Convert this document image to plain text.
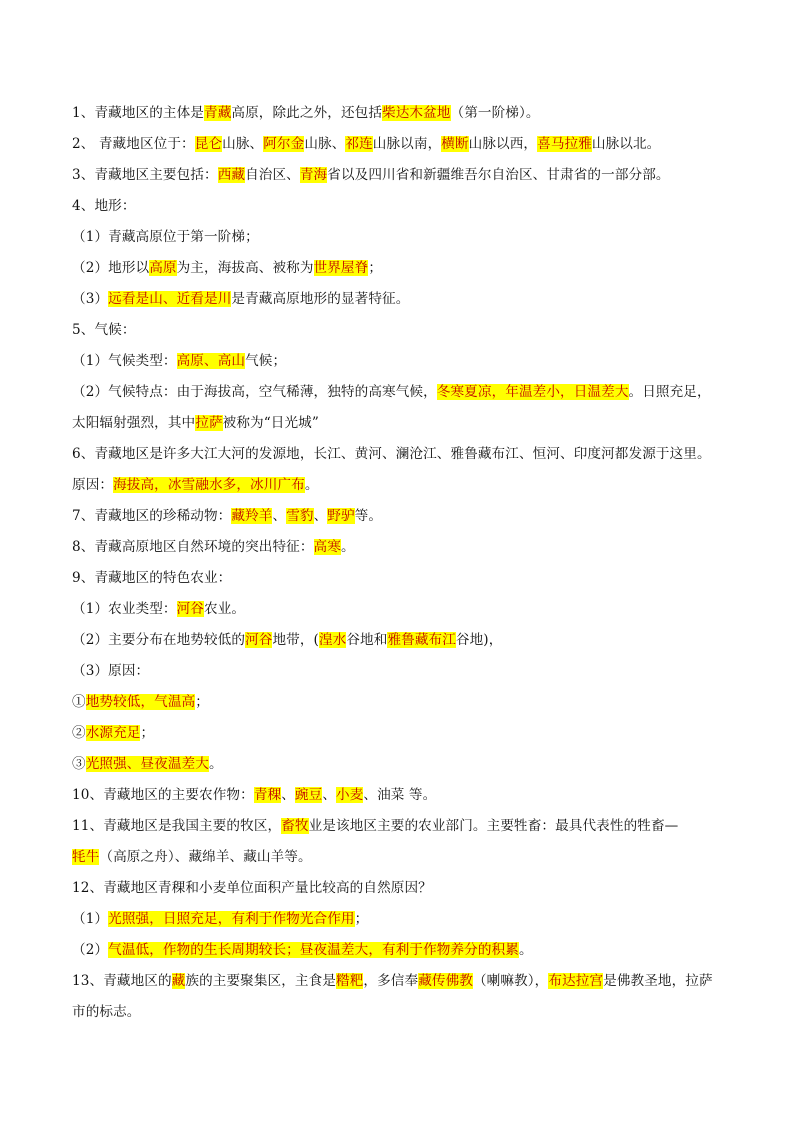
1、青藏地区的主体是青藏高原，除此之外，还包括柴达木盆地（第一阶梯）。
2、 青藏地区位于：昆仑山脉、阿尔金山脉、祁连山脉以南，横断山脉以西，喜马拉雅山脉以北。
3、青藏地区主要包括：西藏自治区、青海省以及四川省和新疆维吾尔自治区、甘肃省的一部分部。
4、地形：
（1）青藏高原位于第一阶梯；
（2）地形以高原为主，海拔高、被称为世界屋脊；
（3）远看是山、近看是川是青藏高原地形的显著特征。
5、气候：
（1）气候类型：高原、高山气候；
（2）气候特点：由于海拔高，空气稀薄，独特的高寒气候，冬寒夏凉，年温差小，日温差大。日照充足，
太阳辐射强烈，其中拉萨被称为“日光城”
6、青藏地区是许多大江大河的发源地，长江、黄河、澜沧江、雅鲁藏布江、恒河、印度河都发源于这里。
原因：海拔高，冰雪融水多，冰川广布。
7、青藏地区的珍稀动物：藏羚羊、雪豹、野驴等。
8、青藏高原地区自然环境的突出特征：高寒。
9、青藏地区的特色农业：
（1）农业类型：河谷农业。
（2）主要分布在地势较低的河谷地带，(湟水谷地和雅鲁藏布江谷地)，
（3）原因：
①地势较低，气温高；
②水源充足；
③光照强、昼夜温差大。
10、青藏地区的主要农作物：青稞、豌豆、小麦、油菜 等。
11、青藏地区是我国主要的牧区，畜牧业是该地区主要的农业部门。主要牲畜：最具代表性的牲畜—
牦牛（高原之舟）、藏绵羊、藏山羊等。
12、青藏地区青稞和小麦单位面积产量比较高的自然原因？
（1）光照强，日照充足，有利于作物光合作用；
（2）气温低，作物的生长周期较长；昼夜温差大，有利于作物养分的积累。
13、青藏地区的藏族的主要聚集区，主食是糌粑，多信奉藏传佛教（喇嘛教），布达拉宫是佛教圣地，拉萨
市的标志。
